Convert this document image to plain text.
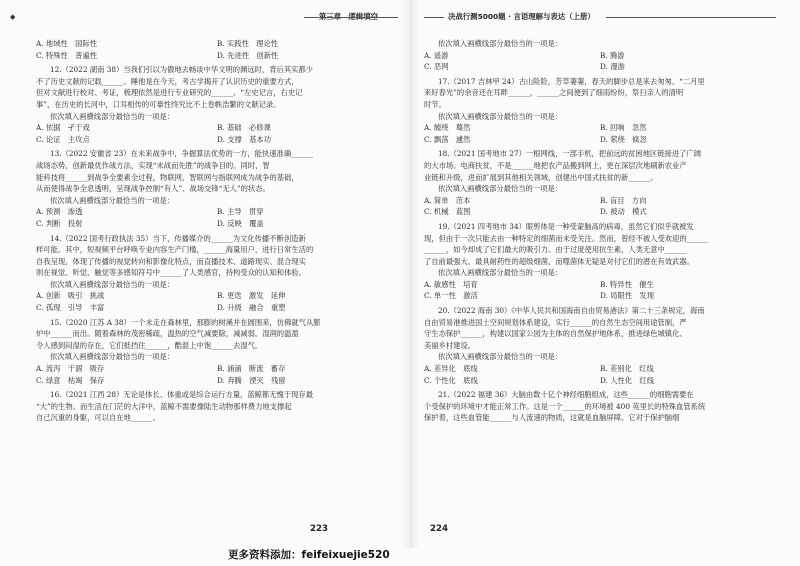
◆
A. 地域性　国际性	B. 实践性　理论性
C. 特殊性　普遍性	D. 先进性　创新性
12.（2022 湖南 38）当我们引以为傲地去畅谈中华文明的渊远时，背后其实都少
不了历史文献的记载______。睡他是在今天，考古学揭开了认识历史的重要方式，
但对文献进行校对、考证，梳理依然是进行专业研究的______。“左史记言，右史记
事”，在历史的长河中，口耳相传的可靠性终究比不上卷帙浩繁的文献记录。
依次填入画横线部分最恰当的一项是：
A. 依据　孑于戏	B. 基础　必修课
C. 论证　主攻点	D. 支撑　基本功
13.（2022 安徽省 23）在未来战争中，争握算法优势的一方，能快速准确______
战场态势，创新最优作战方法，实现“未战而先胜”的战争目的。同时，智
能科技将______到战争全要素全过程，物联网、智联网与指联网成为战争的基础，
从而使得战争全息透明，呈现战争控制“有人”、战场交锋“无人”的状态。
依次填入画横线部分最恰当的一项是：
A. 预测　渗透	B. 主导　贯穿
C. 判断　投射	D. 反映　覆盖
14.（2022 国考行政执法 35）当下，传播媒介的______为文化传播不断创造新
样可能。其中，短视频平台呼唤专业内容生产门槛，______海量用户，进行日常生活的
自我呈现，体现了传播的视觉转向和影像化特点，而直播技术、道路现实、混合现实
则在视觉、听觉、触觉等多感知符号中______了人类感官，持构受众的认知和体验。
依次填入画横线部分最恰当的一项是：
A. 创新　吸引　挑战	B. 更迭　激发　延伸
C. 孤现　引导　丰富	D. 升级　融合　重塑
15.（2020 江苏 A 38）一个未走在森林里，那膨的树溪并在圆围来，仿佛就气从膨
炉中______而出。随着森林的茂密稀疏，温热的空气减要除，减减弱。湿润的温盈
令人感到闷湿的存在，它们抵挡住______，酷混上中饱______去湿气。
依次填入画横线部分最恰当的一项是：
A. 流泻　干涸　吸存	B. 涌涌　断流　蓄存
C. 绿意　枯竭　保存	D. 奔腾　湮灭　残留
16.（2021 江西 28）无论是体长、体重或是综合运行方量，蓝鲸都无愧于现存最
“大”的生物。而生活在门茫的大洋中，蓝鲸不需要像陆生动物那样费力地支撑起
自己沉重的身躯，可以自在地______。
223
决战行测5000题 · 言语理解与表达（上册）
依次填入画横线部分最恰当的一项是：
A. 遥游	B. 腾游
C. 恶网	D. 漫游
17.（2017 吉林甲 24）古山险险，芳草萋萋，春天的脚步总是来去匆匆。“二月里
来好春光”的余音还在耳畔______，______之间便到了细雨纷纷，祭扫亲人的清明
时节。
依次填入画横线部分最恰当的一项是：
A. 缠绕　蓦然	B. 回响　忽然
C. 飘荡　遽然	D. 萦绕　倏忽
18.（2021 国考地市 27）一根网线，一部手机，把前远的贫困地区链接进了广阔
的大市场。电商扶贫，不是______地把农产品搬到网上，更在深层次地刷新农业产
业链和升级，进而扩展到其他相关领域，创建出中国式扶贫的新______。
依次填入画横线部分最恰当的一项是：
A. 简单　范本	B. 盲目　方向
C. 机械　蓝图	D. 被动　模式
19.（2021 四考地市 34）眼剪体是一种受蒙脑高的病毒，虽然它们似乎就被发
现，但由于一次只能去由一种特定的细菌而未受关注。然而，曾经不被人受欢迎的______
______，如今却成了它们最大的吸引力。由于过度使用抗生素，人类无意中______
了自前最强大、最具耐药性的超级细菌，而噬菌体无疑是对付它们的潜在有效武器。
依次填入画横线部分最恰当的一项是：
A. 敏感性　培育	B. 特异性　催生
C. 单一性　激活	D. 局限性　发现
20.（2022 海南 30）《中华人民共和国海南自由贸易港法》第二十三条规定，海南
自由贸易港推进国土空间规划体系建设，实行______的自然生态空间用途管制，严
守生态保护______，构建以国家公园为主体的自然保护地体系，推进绿色城镇化、
美丽乡村建设。
依次填入画横线部分最恰当的一项是：
A. 差异化　底线	B. 差别化　红线
C. 个性化　底线	D. 人性化　红线
21.（2022 福建 36）大脑由数十亿个神经细胞组成，这些______的细胞需要在
个受保护的环境中才能正常工作。这是一个______的环境被 400 英里长的特殊血管系统
保护着，这些血管能______与人流速的物质，这就是血脑屏障。它对于保护脑细
224
更多资料添加：feifeixuejie520
